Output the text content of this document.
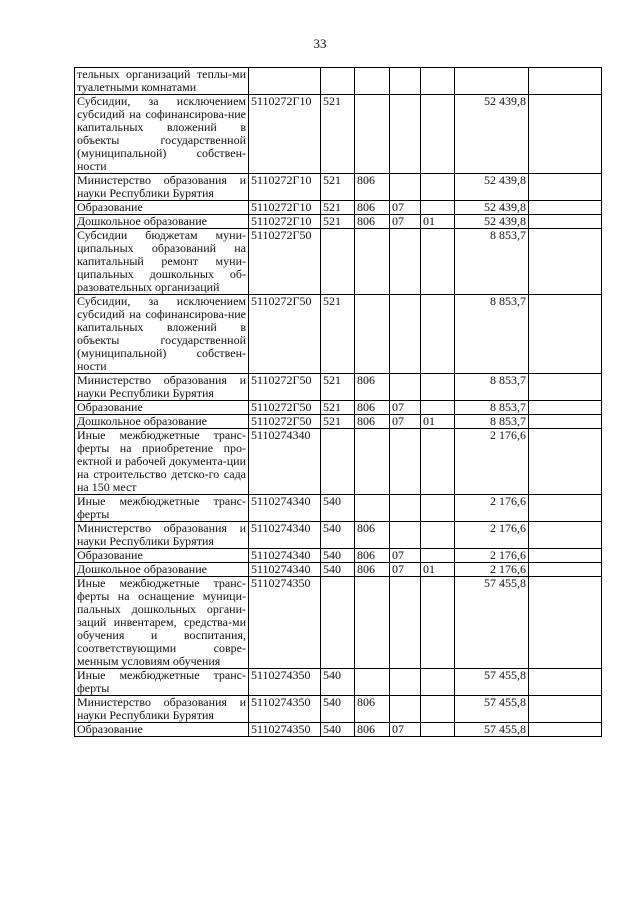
33
тельных организаций теплы-ми туалетными комнатами							
Субсидии, за исключением субсидий на софинансирова-ние капитальных вложений в объекты государственной (муниципальной) собствен-ности	5110272Г10	521				52 439,8	
Министерство образования и науки Республики Бурятия	5110272Г10	521	806			52 439,8	
Образование	5110272Г10	521	806	07		52 439,8	
Дошкольное образование	5110272Г10	521	806	07	01	52 439,8	
Субсидии бюджетам муни-ципальных образований на капитальный ремонт муни-ципальных дошкольных об-разовательных организаций	5110272Г50					8 853,7	
Субсидии, за исключением субсидий на софинансирова-ние капитальных вложений в объекты государственной (муниципальной) собствен-ности	5110272Г50	521				8 853,7	
Министерство образования и науки Республики Бурятия	5110272Г50	521	806			8 853,7	
Образование	5110272Г50	521	806	07		8 853,7	
Дошкольное образование	5110272Г50	521	806	07	01	8 853,7	
Иные межбюджетные транс-ферты на приобретение про-ектной и рабочей документа-ции на строительство детско-го сада на 150 мест	5110274340					2 176,6	
Иные межбюджетные транс-ферты	5110274340	540				2 176,6	
Министерство образования и науки Республики Бурятия	5110274340	540	806			2 176,6	
Образование	5110274340	540	806	07		2 176,6	
Дошкольное образование	5110274340	540	806	07	01	2 176,6	
Иные межбюджетные транс-ферты на оснащение муници-пальных дошкольных органи-заций инвентарем, средства-ми обучения и воспитания, соответствующими совре-менным условиям обучения	5110274350					57 455,8	
Иные межбюджетные транс-ферты	5110274350	540				57 455,8	
Министерство образования и науки Республики Бурятия	5110274350	540	806			57 455,8	
Образование	5110274350	540	806	07		57 455,8	
